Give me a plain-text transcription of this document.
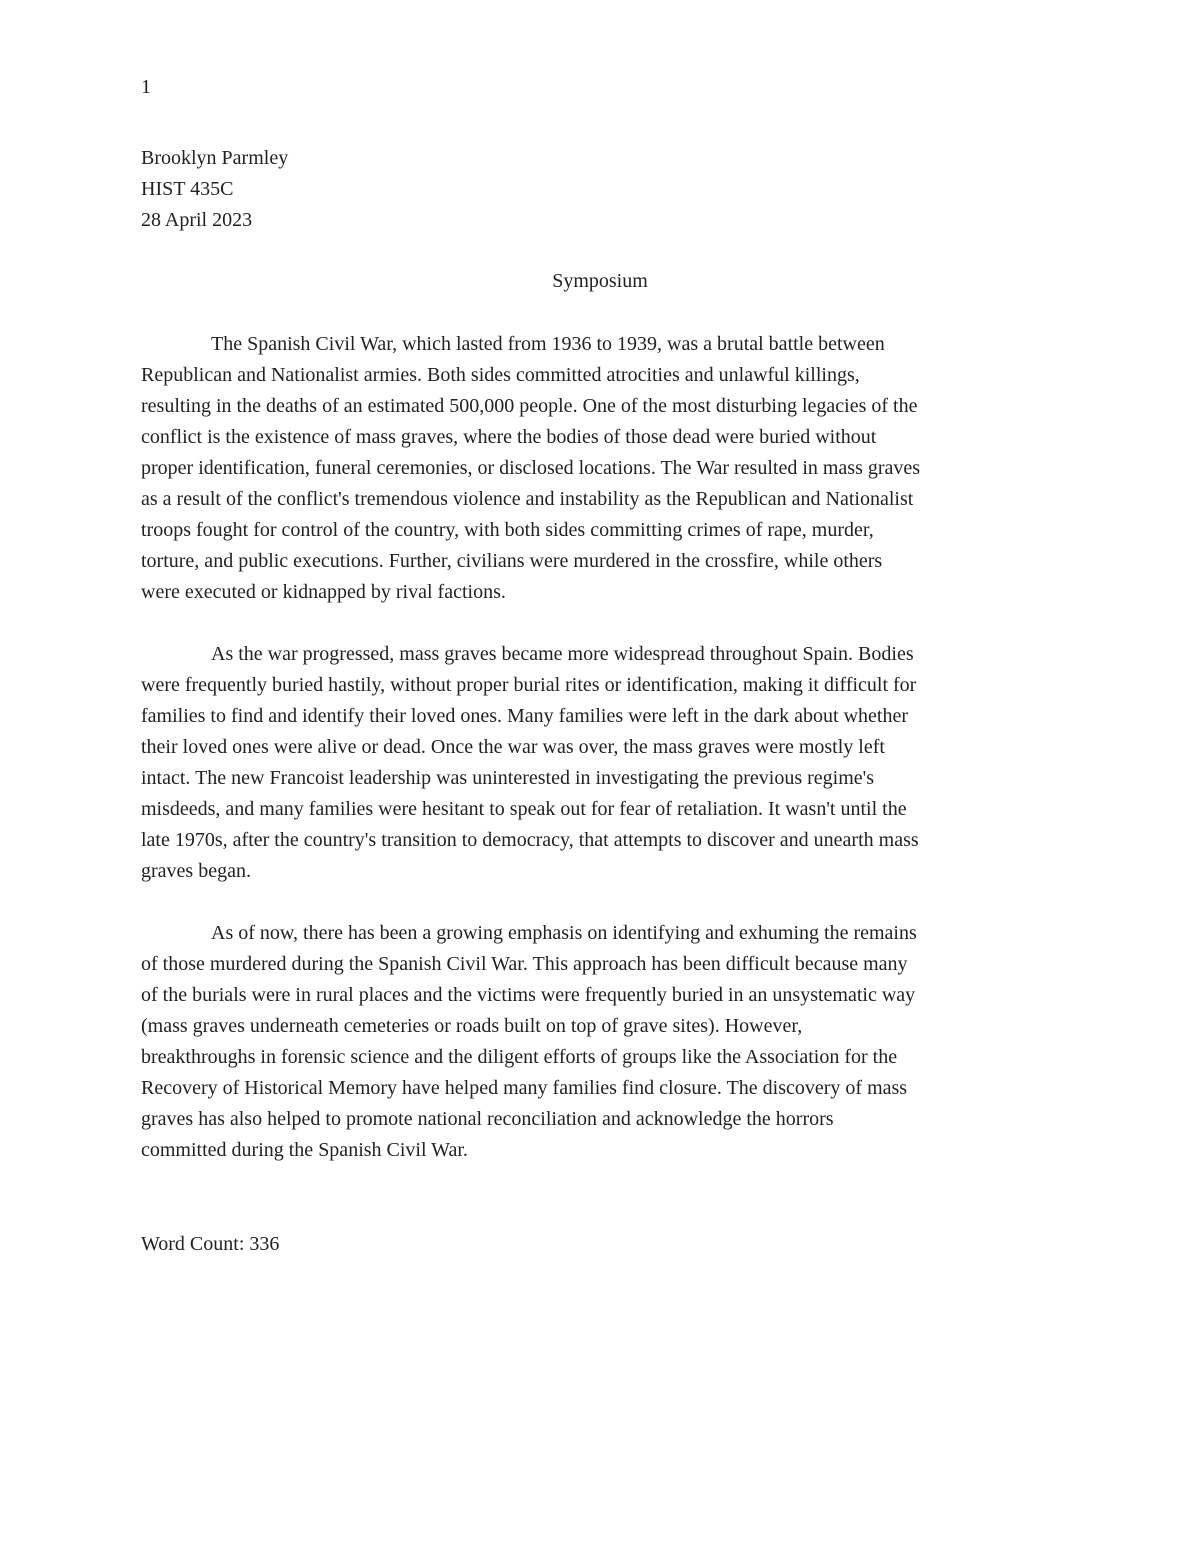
1
Brooklyn Parmley
HIST 435C
28 April 2023
Symposium
The Spanish Civil War, which lasted from 1936 to 1939, was a brutal battle between
Republican and Nationalist armies. Both sides committed atrocities and unlawful killings,
resulting in the deaths of an estimated 500,000 people. One of the most disturbing legacies of the
conflict is the existence of mass graves, where the bodies of those dead were buried without
proper identification, funeral ceremonies, or disclosed locations. The War resulted in mass graves
as a result of the conflict's tremendous violence and instability as the Republican and Nationalist
troops fought for control of the country, with both sides committing crimes of rape, murder,
torture, and public executions. Further, civilians were murdered in the crossfire, while others
were executed or kidnapped by rival factions.
As the war progressed, mass graves became more widespread throughout Spain. Bodies
were frequently buried hastily, without proper burial rites or identification, making it difficult for
families to find and identify their loved ones. Many families were left in the dark about whether
their loved ones were alive or dead. Once the war was over, the mass graves were mostly left
intact. The new Francoist leadership was uninterested in investigating the previous regime's
misdeeds, and many families were hesitant to speak out for fear of retaliation. It wasn't until the
late 1970s, after the country's transition to democracy, that attempts to discover and unearth mass
graves began.
As of now, there has been a growing emphasis on identifying and exhuming the remains
of those murdered during the Spanish Civil War. This approach has been difficult because many
of the burials were in rural places and the victims were frequently buried in an unsystematic way
(mass graves underneath cemeteries or roads built on top of grave sites). However,
breakthroughs in forensic science and the diligent efforts of groups like the Association for the
Recovery of Historical Memory have helped many families find closure. The discovery of mass
graves has also helped to promote national reconciliation and acknowledge the horrors
committed during the Spanish Civil War.
Word Count: 336
